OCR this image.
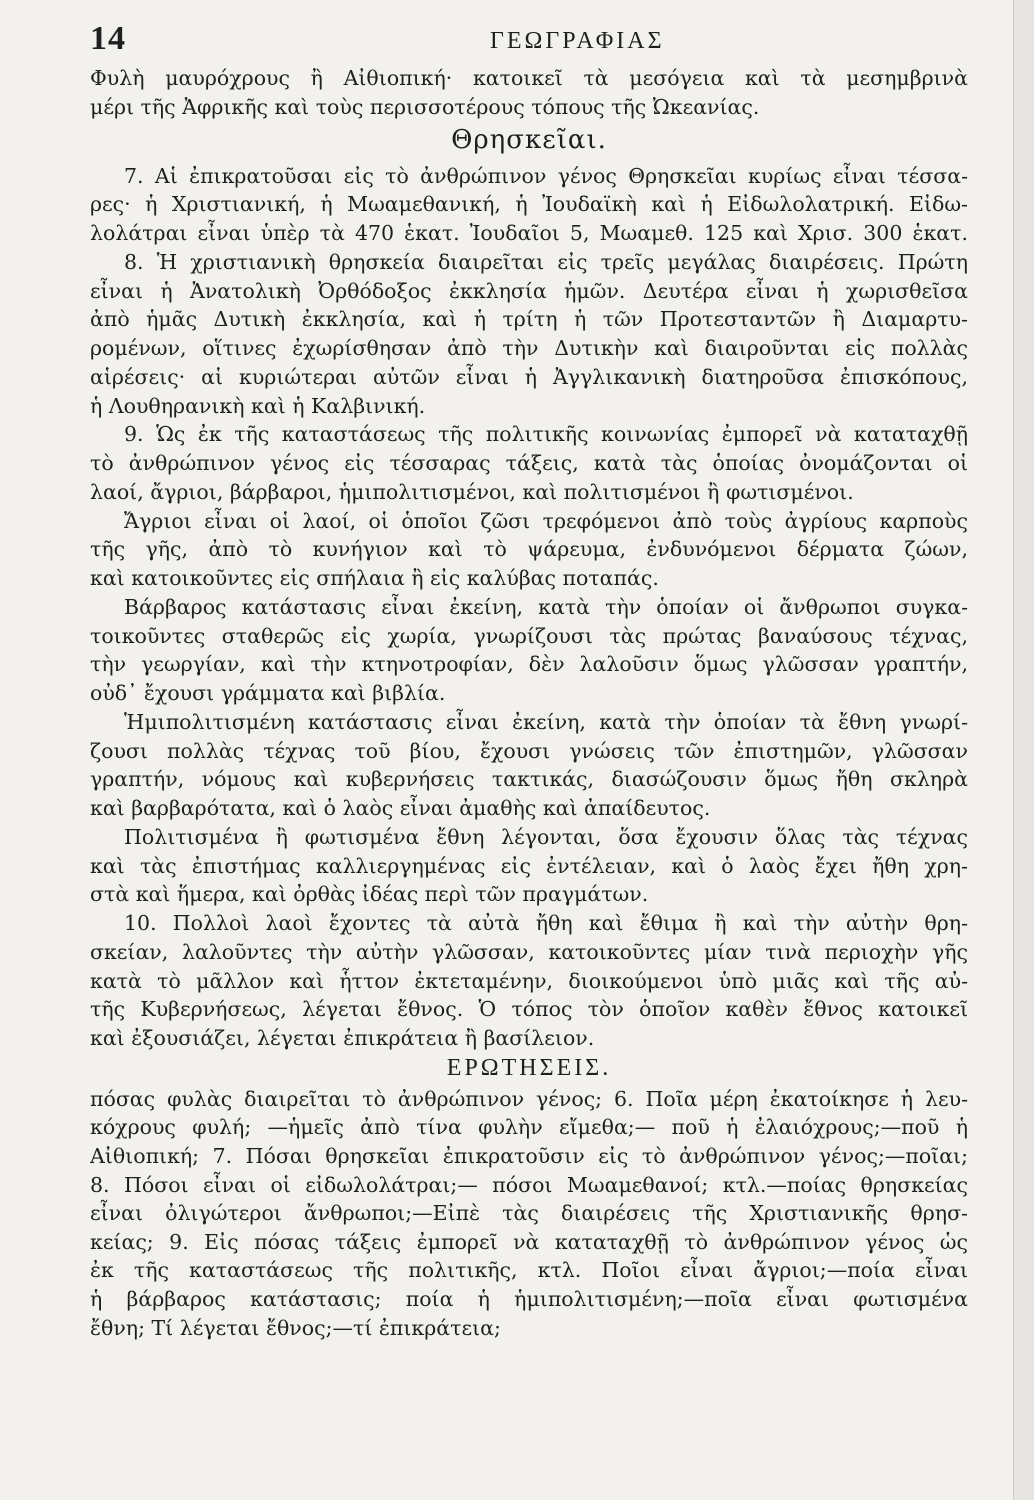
14	ΓΕΩΓΡΑΦΙΑΣ
Φυλὴ μαυρόχρους ἢ Αἰθιοπική· κατοικεῖ τὰ μεσόγεια καὶ τὰ μεσημβρινὰ
μέρι τῆς Ἀφρικῆς καὶ τοὺς περισσοτέρους τόπους τῆς Ὠκεανίας.
Θρησκεῖαι.
7. Αἱ ἐπικρατοῦσαι εἰς τὸ ἀνθρώπινον γένος Θρησκεῖαι κυρίως εἶναι τέσσα-
ρες· ἡ Χριστιανική, ἡ Μωαμεθανική, ἡ Ἰουδαϊκὴ καὶ ἡ Εἰδωλολατρική. Εἰδω-
λολάτραι εἶναι ὑπὲρ τὰ 470 ἑκατ. Ἰουδαῖοι 5, Μωαμεθ. 125 καὶ Χρισ. 300 ἑκατ.
8. Ἡ χριστιανικὴ θρησκεία διαιρεῖται εἰς τρεῖς μεγάλας διαιρέσεις. Πρώτη
εἶναι ἡ Ἀνατολικὴ Ὀρθόδοξος ἐκκλησία ἡμῶν. Δευτέρα εἶναι ἡ χωρισθεῖσα
ἀπὸ ἡμᾶς Δυτικὴ ἐκκλησία, καὶ ἡ τρίτη ἡ τῶν Προτεσταντῶν ἢ Διαμαρτυ-
ρομένων, οἵτινες ἐχωρίσθησαν ἀπὸ τὴν Δυτικὴν καὶ διαιροῦνται εἰς πολλὰς
αἱρέσεις· αἱ κυριώτεραι αὐτῶν εἶναι ἡ Ἀγγλικανικὴ διατηροῦσα ἐπισκόπους,
ἡ Λουθηρανικὴ καὶ ἡ Καλβινική.
9. Ὡς ἐκ τῆς καταστάσεως τῆς πολιτικῆς κοινωνίας ἐμπορεῖ νὰ καταταχθῇ
τὸ ἀνθρώπινον γένος εἰς τέσσαρας τάξεις, κατὰ τὰς ὁποίας ὀνομάζονται οἱ
λαοί, ἄγριοι, βάρβαροι, ἡμιπολιτισμένοι, καὶ πολιτισμένοι ἢ φωτισμένοι.
Ἄγριοι εἶναι οἱ λαοί, οἱ ὁποῖοι ζῶσι τρεφόμενοι ἀπὸ τοὺς ἀγρίους καρποὺς
τῆς γῆς, ἀπὸ τὸ κυνήγιον καὶ τὸ ψάρευμα, ἐνδυνόμενοι δέρματα ζώων,
καὶ κατοικοῦντες εἰς σπήλαια ἢ εἰς καλύβας ποταπάς.
Βάρβαρος κατάστασις εἶναι ἐκείνη, κατὰ τὴν ὁποίαν οἱ ἄνθρωποι συγκα-
τοικοῦντες σταθερῶς εἰς χωρία, γνωρίζουσι τὰς πρώτας βαναύσους τέχνας,
τὴν γεωργίαν, καὶ τὴν κτηνοτροφίαν, δὲν λαλοῦσιν ὅμως γλῶσσαν γραπτήν,
οὐδ᾽ ἔχουσι γράμματα καὶ βιβλία.
Ἡμιπολιτισμένη κατάστασις εἶναι ἐκείνη, κατὰ τὴν ὁποίαν τὰ ἔθνη γνωρί-
ζουσι πολλὰς τέχνας τοῦ βίου, ἔχουσι γνώσεις τῶν ἐπιστημῶν, γλῶσσαν
γραπτήν, νόμους καὶ κυβερνήσεις τακτικάς, διασώζουσιν ὅμως ἤθη σκληρὰ
καὶ βαρβαρότατα, καὶ ὁ λαὸς εἶναι ἀμαθὴς καὶ ἀπαίδευτος.
Πολιτισμένα ἢ φωτισμένα ἔθνη λέγονται, ὅσα ἔχουσιν ὅλας τὰς τέχνας
καὶ τὰς ἐπιστήμας καλλιεργημένας εἰς ἐντέλειαν, καὶ ὁ λαὸς ἔχει ἤθη χρη-
στὰ καὶ ἥμερα, καὶ ὀρθὰς ἰδέας περὶ τῶν πραγμάτων.
10. Πολλοὶ λαοὶ ἔχοντες τὰ αὐτὰ ἤθη καὶ ἔθιμα ἢ καὶ τὴν αὐτὴν θρη-
σκείαν, λαλοῦντες τὴν αὐτὴν γλῶσσαν, κατοικοῦντες μίαν τινὰ περιοχὴν γῆς
κατὰ τὸ μᾶλλον καὶ ἧττον ἐκτεταμένην, διοικούμενοι ὑπὸ μιᾶς καὶ τῆς αὐ-
τῆς Κυβερνήσεως, λέγεται ἔθνος. Ὁ τόπος τὸν ὁποῖον καθὲν ἔθνος κατοικεῖ
καὶ ἐξουσιάζει, λέγεται ἐπικράτεια ἢ βασίλειον.
ΕΡΩΤΗΣΕΙΣ.
πόσας φυλὰς διαιρεῖται τὸ ἀνθρώπινον γένος; 6. Ποῖα μέρη ἐκατοίκησε ἡ λευ-
κόχρους φυλή; —ἡμεῖς ἀπὸ τίνα φυλὴν εἴμεθα;— ποῦ ἡ ἐλαιόχρους;—ποῦ ἡ
Αἰθιοπική; 7. Πόσαι θρησκεῖαι ἐπικρατοῦσιν εἰς τὸ ἀνθρώπινον γένος;—ποῖαι;
8. Πόσοι εἶναι οἱ εἰδωλολάτραι;— πόσοι Μωαμεθανοί; κτλ.—ποίας θρησκείας
εἶναι ὀλιγώτεροι ἄνθρωποι;—Εἰπὲ τὰς διαιρέσεις τῆς Χριστιανικῆς θρησ-
κείας; 9. Εἰς πόσας τάξεις ἐμπορεῖ νὰ καταταχθῇ τὸ ἀνθρώπινον γένος ὡς
ἐκ τῆς καταστάσεως τῆς πολιτικῆς, κτλ. Ποῖοι εἶναι ἄγριοι;—ποία εἶναι
ἡ βάρβαρος κατάστασις; ποία ἡ ἡμιπολιτισμένη;—ποῖα εἶναι φωτισμένα
ἔθνη; Τί λέγεται ἔθνος;—τί ἐπικράτεια;
